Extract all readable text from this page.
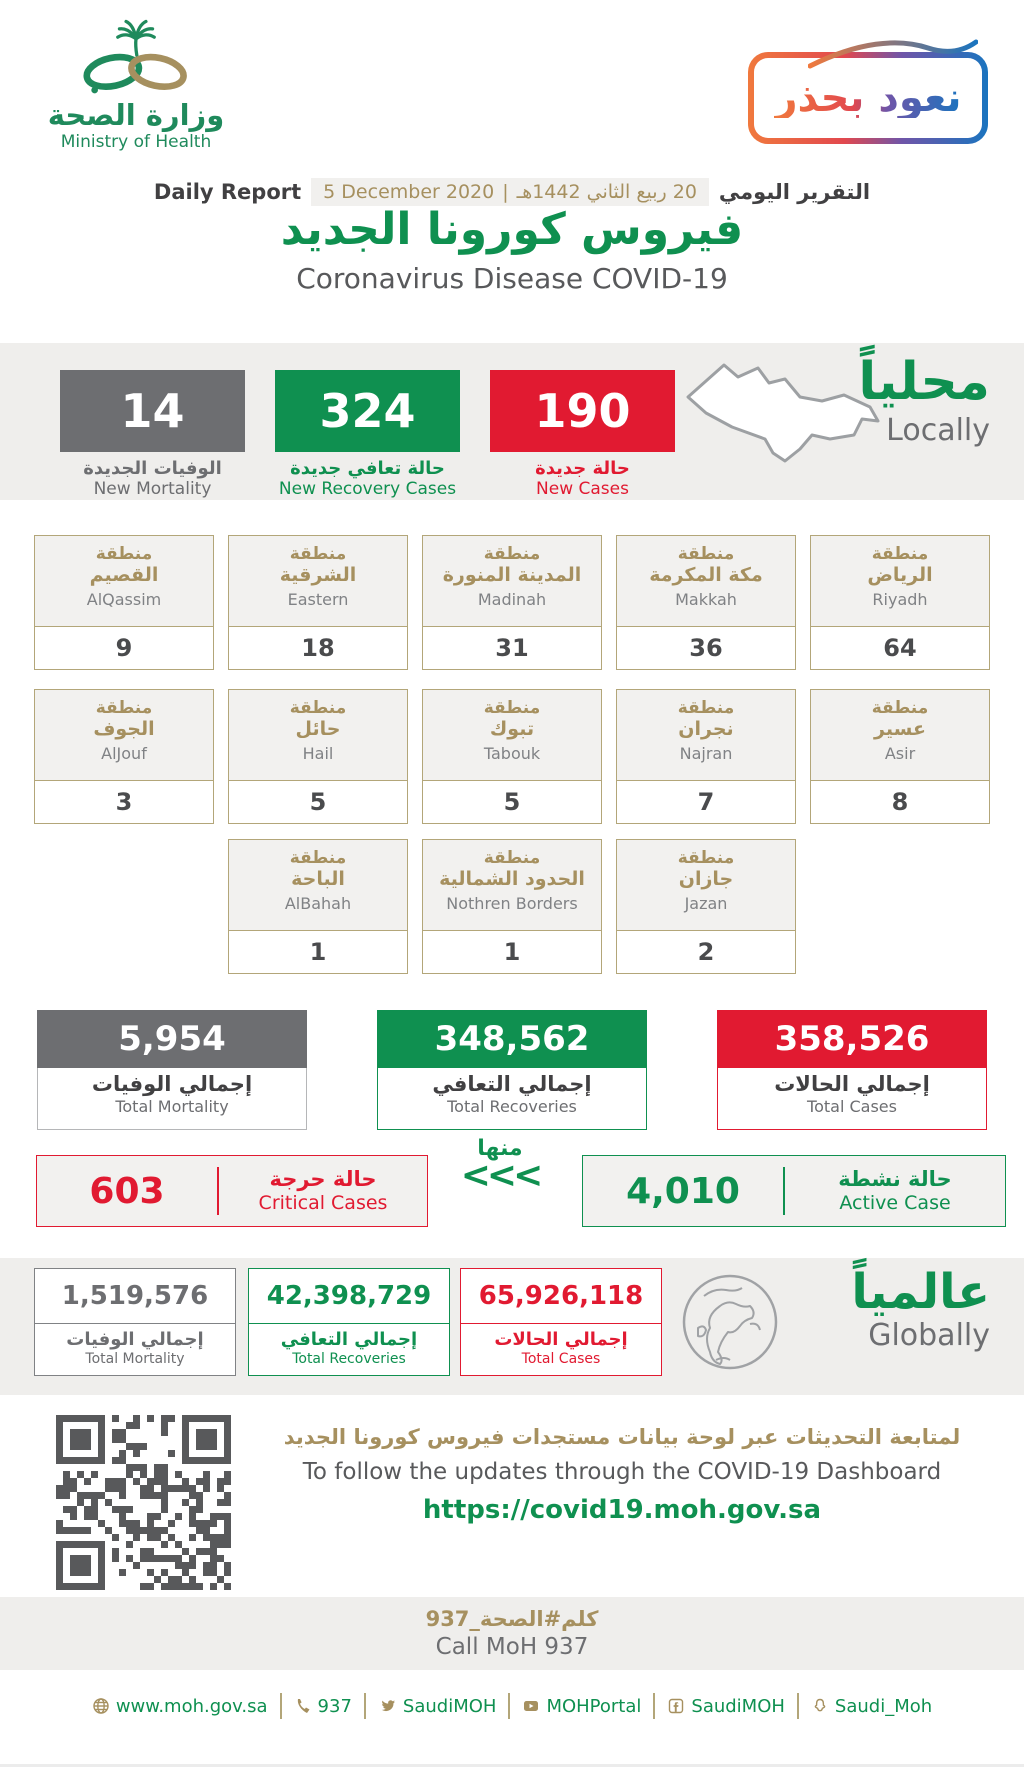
وزارة الصحة
Ministry of Health
نعود بحذر
Daily Report 5 December 2020 | 20 ربيع الثاني 1442هـ التقرير اليومي
فيروس كورونا الجديد
Coronavirus Disease COVID-19
14
الوفيات الجديدة
New Mortality
324
حالة تعافي جديدة
New Recovery Cases
190
حالة جديدة
New Cases
محلياً
Locally
منطقة
القصيم
AlQassim
9
منطقة
الشرقية
Eastern
18
منطقة
المدينة المنورة
Madinah
31
منطقة
مكة المكرمة
Makkah
36
منطقة
الرياض
Riyadh
64
منطقة
الجوف
AlJouf
3
منطقة
حائل
Hail
5
منطقة
تبوك
Tabouk
5
منطقة
نجران
Najran
7
منطقة
عسير
Asir
8
منطقة
الباحة
AlBahah
1
منطقة
الحدود الشمالية
Nothren Borders
1
منطقة
جازان
Jazan
2
5,954
إجمالي الوفيات
Total Mortality
348,562
إجمالي التعافي
Total Recoveries
358,526
إجمالي الحالات
Total Cases
603	حالة حرجة
Critical Cases
منها
<<<	4,010	حالة نشطة
Active Case
1,519,576
إجمالي الوفيات
Total Mortality
42,398,729
إجمالي التعافي
Total Recoveries
65,926,118
إجمالي الحالات
Total Cases
عالمياً
Globally
لمتابعة التحديثات عبر لوحة بيانات مستجدات فيروس كورونا الجديد
To follow the updates through the COVID-19 Dashboard
https://covid19.moh.gov.sa
كلم#الصحة_937
Call MoH 937
www.moh.gov.sa	937	SaudiMOH	MOHPortal	SaudiMOH	Saudi_Moh
